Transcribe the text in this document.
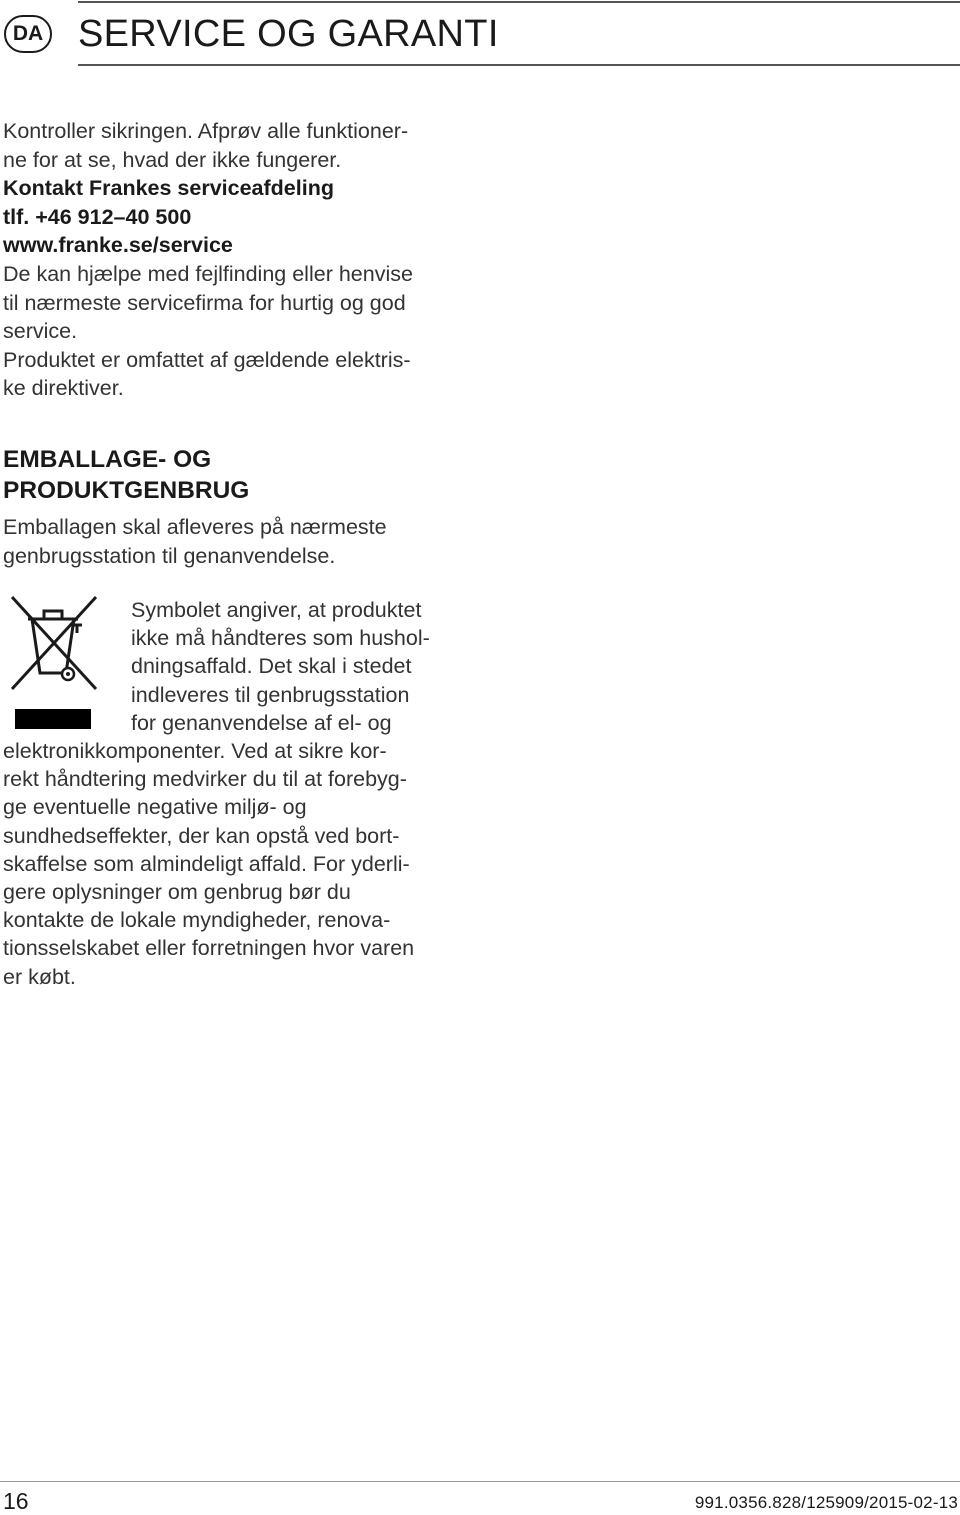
DA SERVICE OG GARANTI

Kontroller sikringen. Afprøv alle funktioner-

ne for at se, hvad der ikke fungerer.

Kontakt Frankes serviceafdeling

tlf. +46 912–40 500

www.franke.se/service

De kan hjælpe med fejlfinding eller henvise

til nærmeste servicefirma for hurtig og god

service.

Produktet er omfattet af gældende elektris-

ke direktiver.

EMBALLAGE- OG
PRODUKTGENBRUG

Emballagen skal afleveres på nærmeste

genbrugsstation til genanvendelse.

Symbolet angiver, at produktet
ikke må håndteres som hushol-
dningsaffald. Det skal i stedet
indleveres til genbrugsstation
for genanvendelse af el- og
elektronikkomponenter. Ved at sikre kor-
rekt håndtering medvirker du til at forebyg-
ge eventuelle negative miljø- og
sundhedseffekter, der kan opstå ved bort-
skaffelse som almindeligt affald. For yderli-
gere oplysninger om genbrug bør du
kontakte de lokale myndigheder, renova-
tionsselskabet eller forretningen hvor varen
er købt.
16	991.0356.828/125909/2015-02-13
